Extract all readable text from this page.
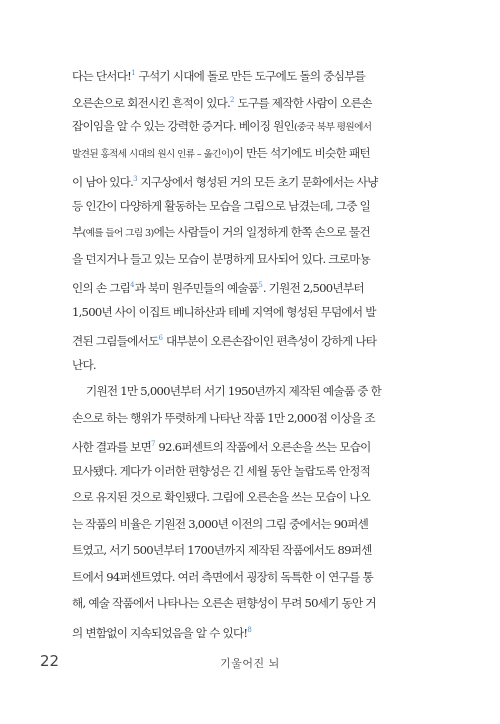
다는 단서다!$^1$ 구석기 시대에 돌로 만든 도구에도 돌의 중심부를
오른손으로 회전시킨 흔적이 있다.$^2$ 도구를 제작한 사람이 오른손
잡이임을 알 수 있는 강력한 증거다. 베이징 원인(중국 북부 평원에서
발견된 홍적세 시대의 원시 인류 – 옮긴이)이 만든 석기에도 비슷한 패턴
이 남아 있다.$^3$ 지구상에서 형성된 거의 모든 초기 문화에서는 사냥
등 인간이 다양하게 활동하는 모습을 그림으로 남겼는데, 그중 일
부(예를 들어 그림 3)에는 사람들이 거의 일정하게 한쪽 손으로 물건
을 던지거나 들고 있는 모습이 분명하게 묘사되어 있다. 크로마뇽
인의 손 그림$^4$과 북미 원주민들의 예술품$^5$. 기원전 2,500년부터
1,500년 사이 이집트 베니하산과 테베 지역에 형성된 무덤에서 발
견된 그림들에서도$^6$ 대부분이 오른손잡이인 편측성이 강하게 나타
난다.
기원전 1만 5,000년부터 서기 1950년까지 제작된 예술품 중 한
손으로 하는 행위가 뚜렷하게 나타난 작품 1만 2,000점 이상을 조
사한 결과를 보면$^7$ 92.6퍼센트의 작품에서 오른손을 쓰는 모습이
묘사됐다. 게다가 이러한 편향성은 긴 세월 동안 놀랍도록 안정적
으로 유지된 것으로 확인됐다. 그림에 오른손을 쓰는 모습이 나오
는 작품의 비율은 기원전 3,000년 이전의 그림 중에서는 90퍼센
트였고, 서기 500년부터 1700년까지 제작된 작품에서도 89퍼센
트에서 94퍼센트였다. 여러 측면에서 굉장히 독특한 이 연구를 통
해, 예술 작품에서 나타나는 오른손 편향성이 무려 50세기 동안 거
의 변함없이 지속되었음을 알 수 있다!$^8$
22	기울어진 뇌
